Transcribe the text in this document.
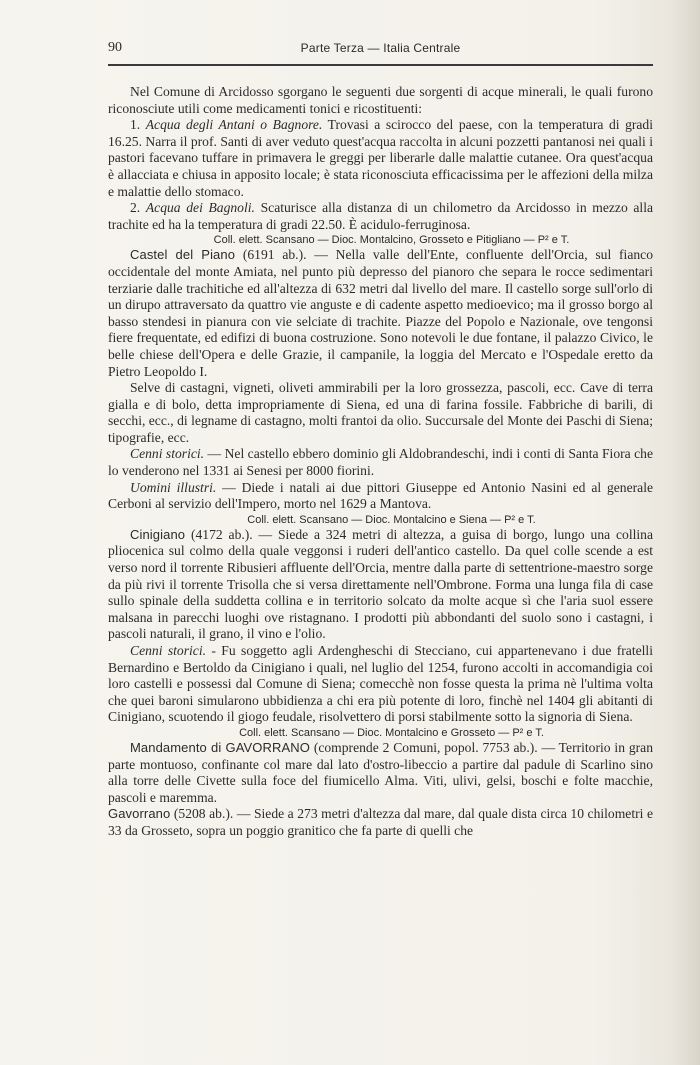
90	Parte Terza — Italia Centrale

Nel Comune di Arcidosso sgorgano le seguenti due sorgenti di acque minerali, le quali furono riconosciute utili come medicamenti tonici e ricostituenti:

1. Acqua degli Antani o Bagnore. Trovasi a scirocco del paese, con la temperatura di gradi 16.25. Narra il prof. Santi di aver veduto quest'acqua raccolta in alcuni pozzetti pantanosi nei quali i pastori facevano tuffare in primavera le greggi per liberarle dalle malattie cutanee. Ora quest'acqua è allacciata e chiusa in apposito locale; è stata riconosciuta efficacissima per le affezioni della milza e malattie dello stomaco.

2. Acqua dei Bagnoli. Scaturisce alla distanza di un chilometro da Arcidosso in mezzo alla trachite ed ha la temperatura di gradi 22.50. È acidulo-ferruginosa.

Coll. elett. Scansano — Dioc. Montalcino, Grosseto e Pitigliano — P² e T.

Castel del Piano (6191 ab.). — Nella valle dell'Ente, confluente dell'Orcia, sul fianco occidentale del monte Amiata, nel punto più depresso del pianoro che separa le rocce sedimentari terziarie dalle trachitiche ed all'altezza di 632 metri dal livello del mare. Il castello sorge sull'orlo di un dirupo attraversato da quattro vie anguste e di cadente aspetto medioevico; ma il grosso borgo al basso stendesi in pianura con vie selciate di trachite. Piazze del Popolo e Nazionale, ove tengonsi fiere frequentate, ed edifizi di buona costruzione. Sono notevoli le due fontane, il palazzo Civico, le belle chiese dell'Opera e delle Grazie, il campanile, la loggia del Mercato e l'Ospedale eretto da Pietro Leopoldo I.

Selve di castagni, vigneti, oliveti ammirabili per la loro grossezza, pascoli, ecc. Cave di terra gialla e di bolo, detta impropriamente di Siena, ed una di farina fossile. Fabbriche di barili, di secchi, ecc., di legname di castagno, molti frantoi da olio. Succursale del Monte dei Paschi di Siena; tipografie, ecc.

Cenni storici. — Nel castello ebbero dominio gli Aldobrandeschi, indi i conti di Santa Fiora che lo venderono nel 1331 ai Senesi per 8000 fiorini.

Uomini illustri. — Diede i natali ai due pittori Giuseppe ed Antonio Nasini ed al generale Cerboni al servizio dell'Impero, morto nel 1629 a Mantova.

Coll. elett. Scansano — Dioc. Montalcino e Siena — P² e T.

Cinigiano (4172 ab.). — Siede a 324 metri di altezza, a guisa di borgo, lungo una collina pliocenica sul colmo della quale veggonsi i ruderi dell'antico castello. Da quel colle scende a est verso nord il torrente Ribusieri affluente dell'Orcia, mentre dalla parte di settentrione-maestro sorge da più rivi il torrente Trisolla che si versa direttamente nell'Ombrone. Forma una lunga fila di case sullo spinale della suddetta collina e in territorio solcato da molte acque sì che l'aria suol essere malsana in parecchi luoghi ove ristagnano. I prodotti più abbondanti del suolo sono i castagni, i pascoli naturali, il grano, il vino e l'olio.

Cenni storici. - Fu soggetto agli Ardengheschi di Stecciano, cui appartenevano i due fratelli Bernardino e Bertoldo da Cinigiano i quali, nel luglio del 1254, furono accolti in accomandigia coi loro castelli e possessi dal Comune di Siena; comecchè non fosse questa la prima nè l'ultima volta che quei baroni simularono ubbidienza a chi era più potente di loro, finchè nel 1404 gli abitanti di Cinigiano, scuotendo il giogo feudale, risolvettero di porsi stabilmente sotto la signoria di Siena.

Coll. elett. Scansano — Dioc. Montalcino e Grosseto — P² e T.

Mandamento di GAVORRANO (comprende 2 Comuni, popol. 7753 ab.). — Territorio in gran parte montuoso, confinante col mare dal lato d'ostro-libeccio a partire dal padule di Scarlino sino alla torre delle Civette sulla foce del fiumicello Alma. Viti, ulivi, gelsi, boschi e folte macchie, pascoli e maremma.

Gavorrano (5208 ab.). — Siede a 273 metri d'altezza dal mare, dal quale dista circa 10 chilometri e 33 da Grosseto, sopra un poggio granitico che fa parte di quelli che
